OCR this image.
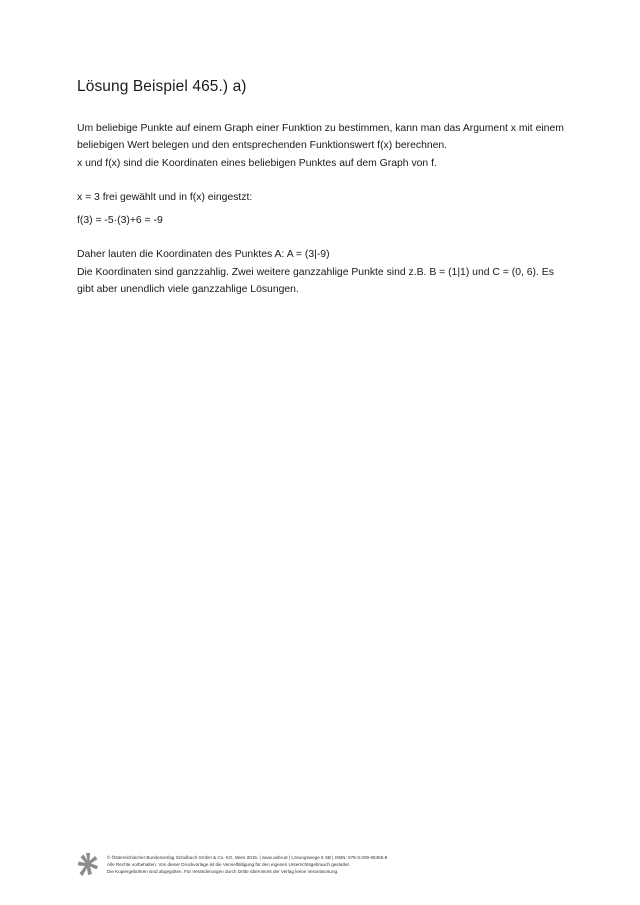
Lösung Beispiel 465.) a)

Um beliebige Punkte auf einem Graph einer Funktion zu bestimmen, kann man das Argument x mit einem

beliebigen Wert belegen und den entsprechenden Funktionswert f(x) berechnen.

x und f(x) sind die Koordinaten eines beliebigen Punktes auf dem Graph von f.

x = 3 frei gewählt und in f(x) eingestzt:

f(3) = -5·(3)+6 = -9

Daher lauten die Koordinaten des Punktes A: A = (3|-9)

Die Koordinaten sind ganzzahlig. Zwei weitere ganzzahlige Punkte sind z.B. B = (1|1) und C = (0, 6). Es

gibt aber unendlich viele ganzzahlige Lösungen.

© Österreichischer Bundesverlag Schulbuch GmbH & Co. KG, Wien 2015. | www.oebv.at | Lösungswege 5 SB | ISBN: 978-3-209-08466-8
Alle Rechte vorbehalten. Von dieser Druckvorlage ist die Vervielfältigung für den eigenen Unterrichtsgebrauch gestattet.
Die Kopiergebühren sind abgegolten. Für Veränderungen durch Dritte übernimmt der Verlag keine Verantwortung.
